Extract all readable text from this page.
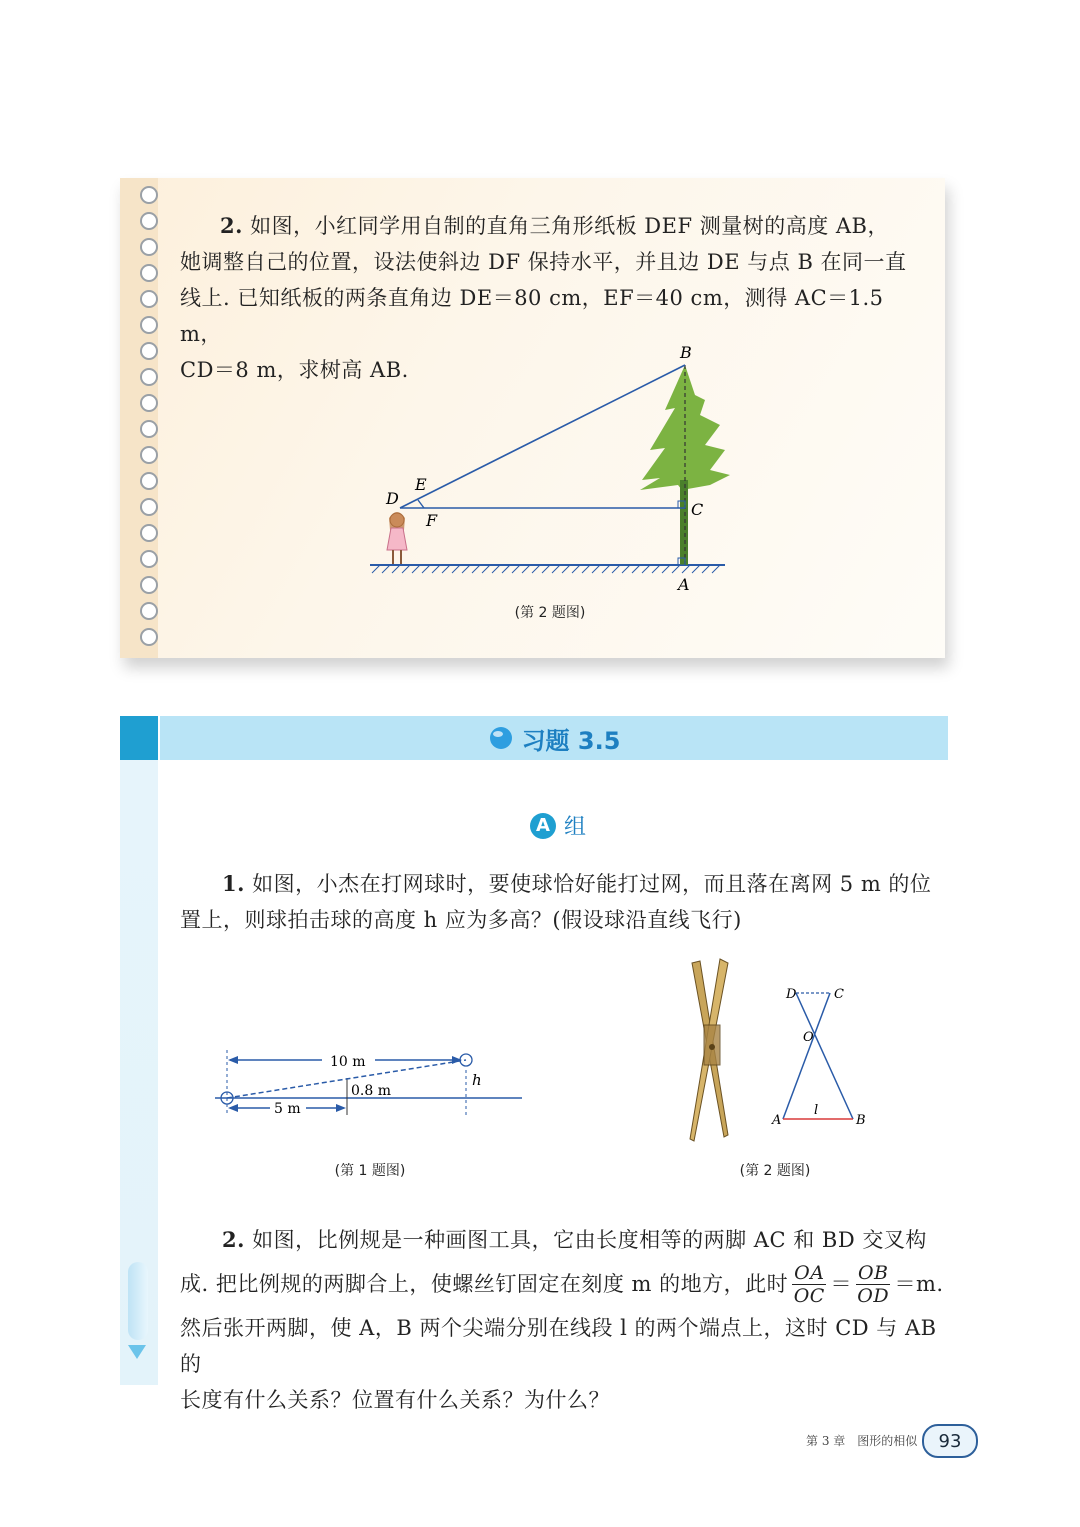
2. 如图，小红同学用自制的直角三角形纸板 DEF 测量树的高度 AB，
她调整自己的位置，设法使斜边 DF 保持水平，并且边 DE 与点 B 在同一直
线上. 已知纸板的两条直角边 DE＝80 cm，EF＝40 cm，测得 AC＝1.5 m，
CD＝8 m，求树高 AB.
B
E
D
F
C
A
(第 2 题图)
习题 3.5
A 组
1. 如图，小杰在打网球时，要使球恰好能打过网，而且落在离网 5 m 的位
置上，则球拍击球的高度 h 应为多高？(假设球沿直线飞行)
10 m
0.8 m
5 m
h
(第 1 题图)
D	C
O
A	B
l
(第 2 题图)
2. 如图，比例规是一种画图工具，它由长度相等的两脚 AC 和 BD 交叉构
成. 把比例规的两脚合上，使螺丝钉固定在刻度 m 的地方，此时 $\frac{OA}{OC} = \frac{OB}{OD} =m$.
然后张开两脚，使 A，B 两个尖端分别在线段 l 的两个端点上，这时 CD 与 AB 的
长度有什么关系？位置有什么关系？为什么？
第 3 章　图形的相似	93
